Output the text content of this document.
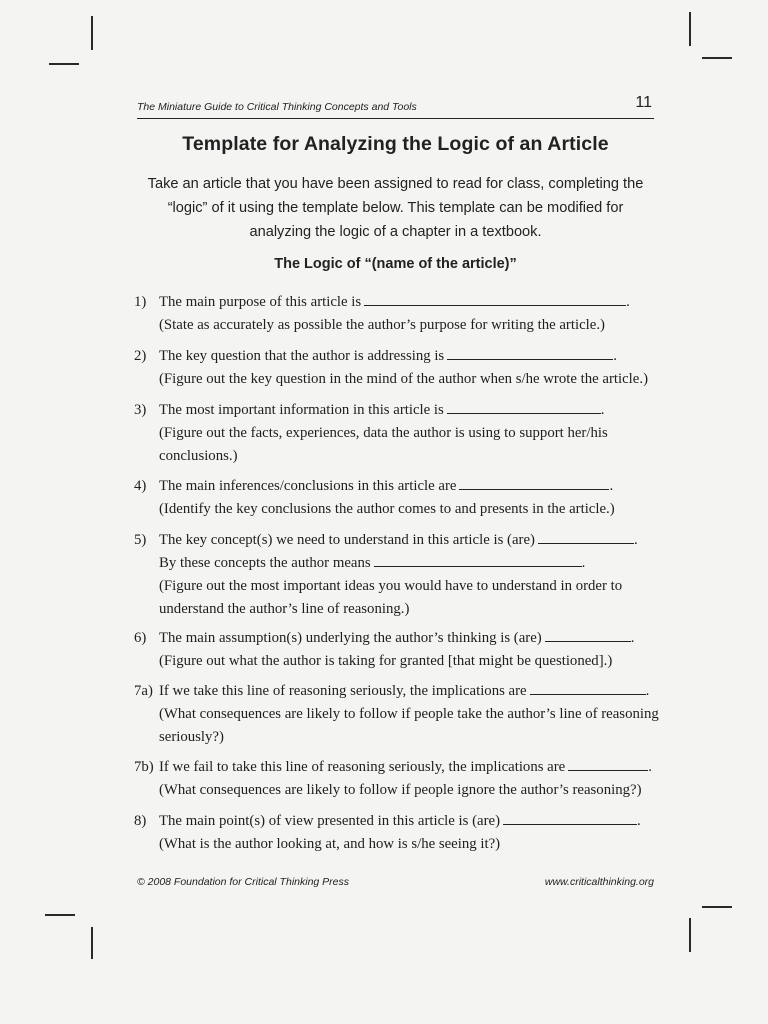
The Miniature Guide to Critical Thinking Concepts and Tools	11
Template for Analyzing the Logic of an Article
Take an article that you have been assigned to read for class, completing the
“logic” of it using the template below. This template can be modified for
analyzing the logic of a chapter in a textbook.
The Logic of “(name of the article)”
1) The main purpose of this article is	.
(State as accurately as possible the author’s purpose for writing the article.)
2) The key question that the author is addressing is	.
(Figure out the key question in the mind of the author when s/he wrote the article.)
3) The most important information in this article is	.
(Figure out the facts, experiences, data the author is using to support her/his
conclusions.)
4) The main inferences/conclusions in this article are	.
(Identify the key conclusions the author comes to and presents in the article.)
5) The key concept(s) we need to understand in this article is (are)	.
By these concepts the author means	.
(Figure out the most important ideas you would have to understand in order to
understand the author’s line of reasoning.)
6) The main assumption(s) underlying the author’s thinking is (are)	.
(Figure out what the author is taking for granted [that might be questioned].)
7a) If we take this line of reasoning seriously, the implications are	.
(What consequences are likely to follow if people take the author’s line of reasoning
seriously?)
7b) If we fail to take this line of reasoning seriously, the implications are	.
(What consequences are likely to follow if people ignore the author’s reasoning?)
8) The main point(s) of view presented in this article is (are)	.
(What is the author looking at, and how is s/he seeing it?)
© 2008 Foundation for Critical Thinking Press	www.criticalthinking.org
